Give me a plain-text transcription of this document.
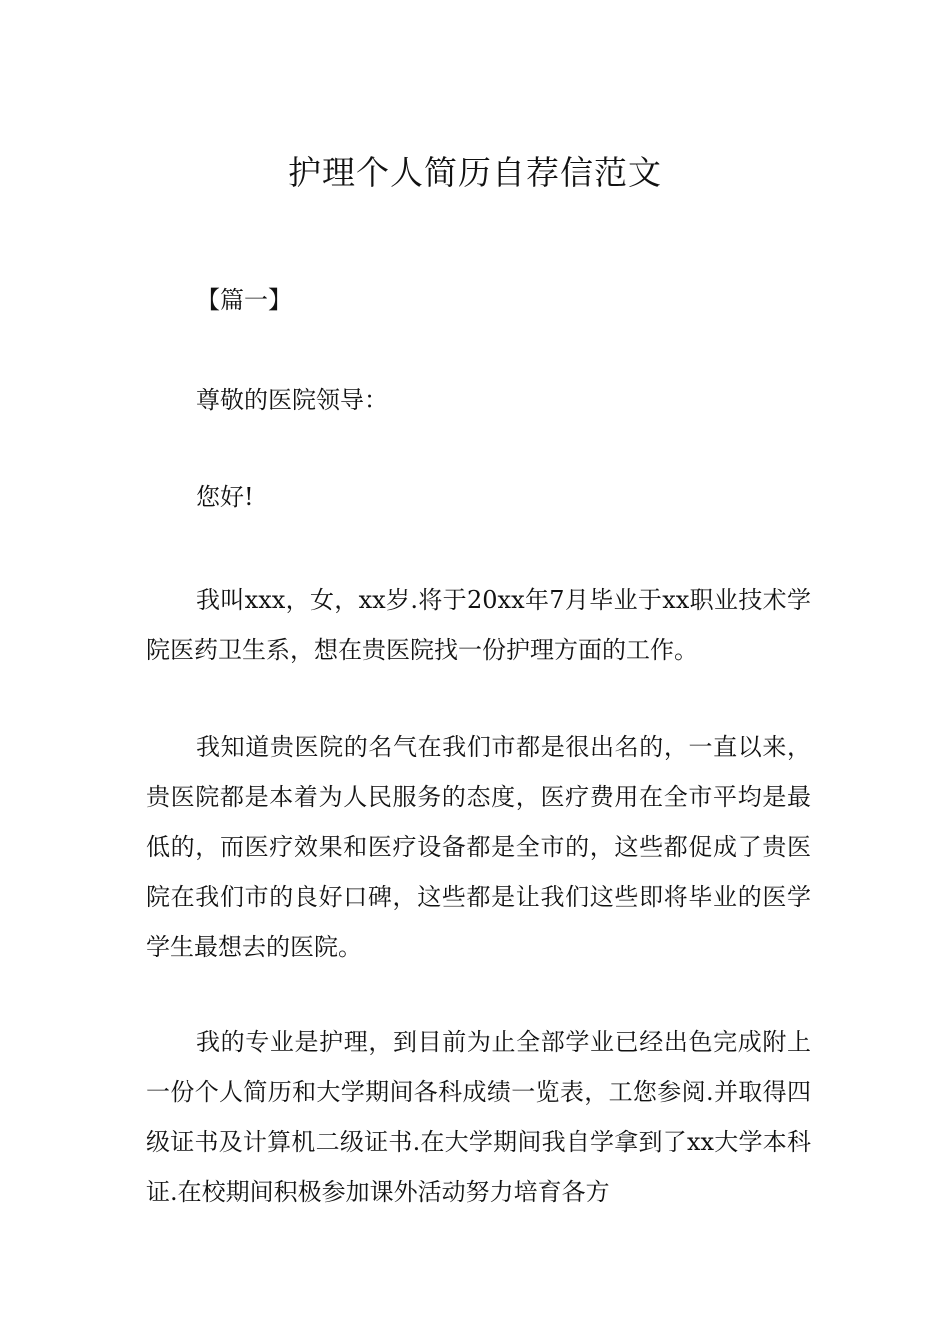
护理个人简历自荐信范文
【篇一】

尊敬的医院领导：

您好!

我叫xxx，女，xx岁.将于20xx年7月毕业于xx职业技术学院医药卫生系，想在贵医院找一份护理方面的工作。

我知道贵医院的名气在我们市都是很出名的，一直以来，贵医院都是本着为人民服务的态度，医疗费用在全市平均是最低的，而医疗效果和医疗设备都是全市的，这些都促成了贵医院在我们市的良好口碑，这些都是让我们这些即将毕业的医学学生最想去的医院。

我的专业是护理，到目前为止全部学业已经出色完成附上一份个人简历和大学期间各科成绩一览表，工您参阅.并取得四级证书及计算机二级证书.在大学期间我自学拿到了xx大学本科证.在校期间积极参加课外活动努力培育各方
